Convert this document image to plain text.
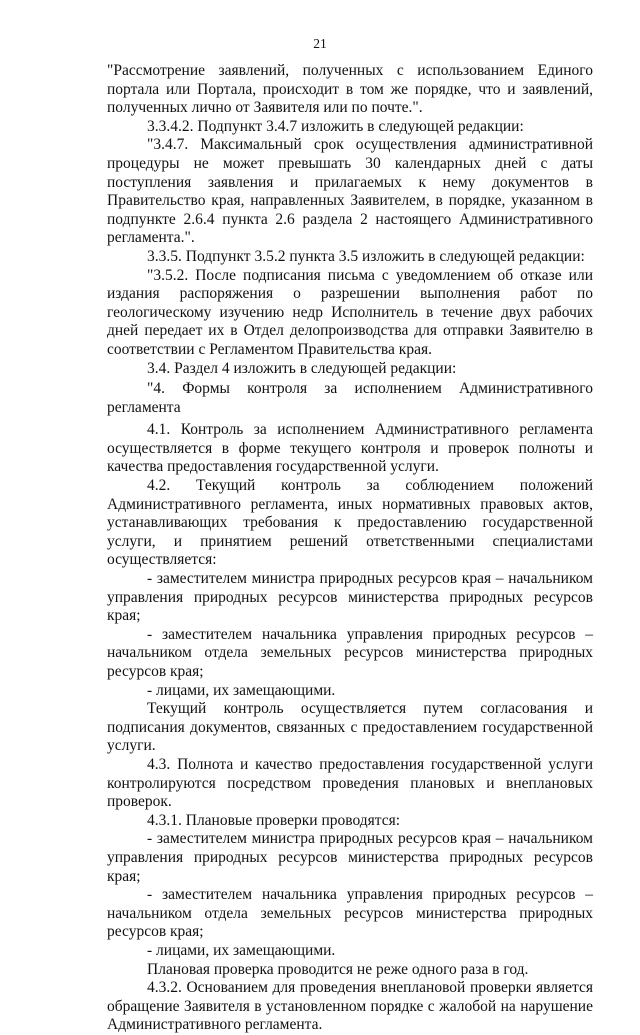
21

"Рассмотрение заявлений, полученных с использованием Единого портала или Портала, происходит в том же порядке, что и заявлений, полученных лично от Заявителя или по почте.".

3.3.4.2. Подпункт 3.4.7 изложить в следующей редакции:

"3.4.7. Максимальный срок осуществления административной процедуры не может превышать 30 календарных дней с даты поступления заявления и прилагаемых к нему документов в Правительство края, направленных Заявителем, в порядке, указанном в подпункте 2.6.4 пункта 2.6 раздела 2 настоящего Административного регламента.".

3.3.5. Подпункт 3.5.2 пункта 3.5 изложить в следующей редакции:

"3.5.2. После подписания письма с уведомлением об отказе или издания распоряжения о разрешении выполнения работ по геологическому изучению недр Исполнитель в течение двух рабочих дней передает их в Отдел делопроизводства для отправки Заявителю в соответствии с Регламентом Правительства края.

3.4. Раздел 4 изложить в следующей редакции:

"4. Формы контроля за исполнением Административного регламента

4.1. Контроль за исполнением Административного регламента осуществляется в форме текущего контроля и проверок полноты и качества предоставления государственной услуги.

4.2. Текущий контроль за соблюдением положений Административного регламента, иных нормативных правовых актов, устанавливающих требования к предоставлению государственной услуги, и принятием решений ответственными специалистами осуществляется:

- заместителем министра природных ресурсов края – начальником управления природных ресурсов министерства природных ресурсов края;

- заместителем начальника управления природных ресурсов – начальником отдела земельных ресурсов министерства природных ресурсов края;

- лицами, их замещающими.

Текущий контроль осуществляется путем согласования и подписания документов, связанных с предоставлением государственной услуги.

4.3. Полнота и качество предоставления государственной услуги контролируются посредством проведения плановых и внеплановых проверок.

4.3.1. Плановые проверки проводятся:

- заместителем министра природных ресурсов края – начальником управления природных ресурсов министерства природных ресурсов края;

- заместителем начальника управления природных ресурсов – начальником отдела земельных ресурсов министерства природных ресурсов края;

- лицами, их замещающими.

Плановая проверка проводится не реже одного раза в год.

4.3.2. Основанием для проведения внеплановой проверки является обращение Заявителя в установленном порядке с жалобой на нарушение Административного регламента.
